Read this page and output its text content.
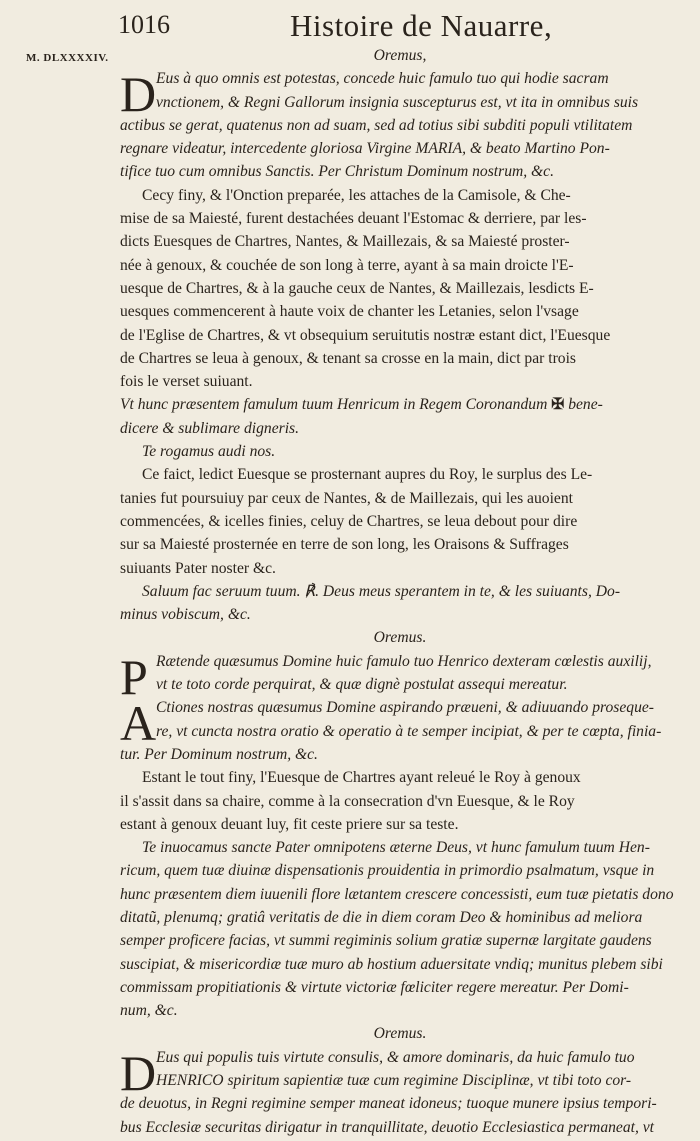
1016	Histoire de Nauarre,
M. DLXXXXIV.	Oremus,
D Eus à quo omnis est potestas, concede huic famulo tuo qui hodie sacram
vnctionem, & Regni Gallorum insignia suscepturus est, vt ita in omnibus suis
actibus se gerat, quatenus non ad suam, sed ad totius sibi subditi populi vtilitatem
regnare videatur, intercedente gloriosa Virgine MARIA, & beato Martino Pon-
tifice tuo cum omnibus Sanctis. Per Christum Dominum nostrum, &c.
Cecy finy, & l'Onction preparée, les attaches de la Camisole, & Che-
mise de sa Maiesté, furent destachées deuant l'Estomac & derriere, par les-
dicts Euesques de Chartres, Nantes, & Maillezais, & sa Maiesté proster-
née à genoux, & couchée de son long à terre, ayant à sa main droicte l'E-
uesque de Chartres, & à la gauche ceux de Nantes, & Maillezais, lesdicts E-
uesques commencerent à haute voix de chanter les Letanies, selon l'vsage
de l'Eglise de Chartres, & vt obsequium seruitutis nostræ estant dict, l'Euesque
de Chartres se leua à genoux, & tenant sa crosse en la main, dict par trois
fois le verset suiuant.
Vt hunc præsentem famulum tuum Henricum in Regem Coronandum ✠ bene-
dicere & sublimare digneris.
Te rogamus audi nos.
Ce faict, ledict Euesque se prosternant aupres du Roy, le surplus des Le-
tanies fut poursuiuy par ceux de Nantes, & de Maillezais, qui les auoient
commencées, & icelles finies, celuy de Chartres, se leua debout pour dire
sur sa Maiesté prosternée en terre de son long, les Oraisons & Suffrages
suiuants Pater noster &c.
Saluum fac seruum tuum. ℟. Deus meus sperantem in te, & les suiuants, Do-
minus vobiscum, &c.
Oremus.
P Rætende quæsumus Domine huic famulo tuo Henrico dexteram cœlestis auxilij,
vt te toto corde perquirat, & quæ dignè postulat assequi mereatur.
A Ctiones nostras quæsumus Domine aspirando præueni, & adiuuando proseque-
re, vt cuncta nostra oratio & operatio à te semper incipiat, & per te cœpta, finia-
tur. Per Dominum nostrum, &c.
Estant le tout finy, l'Euesque de Chartres ayant releué le Roy à genoux
il s'assit dans sa chaire, comme à la consecration d'vn Euesque, & le Roy
estant à genoux deuant luy, fit ceste priere sur sa teste.
Te inuocamus sancte Pater omnipotens æterne Deus, vt hunc famulum tuum Hen-
ricum, quem tuæ diuinæ dispensationis prouidentia in primordio psalmatum, vsque in
hunc præsentem diem iuuenili flore lætantem crescere concessisti, eum tuæ pietatis dono
ditatũ, plenumq; gratiâ veritatis de die in diem coram Deo & hominibus ad meliora
semper proficere facias, vt summi regiminis solium gratiæ supernæ largitate gaudens
suscipiat, & misericordiæ tuæ muro ab hostium aduersitate vndiq; munitus plebem sibi
commissam propitiationis & virtute victoriæ fœliciter regere mereatur. Per Domi-
num, &c.
Oremus.
D Eus qui populis tuis virtute consulis, & amore dominaris, da huic famulo tuo
HENRICO spiritum sapientiæ tuæ cum regimine Disciplinæ, vt tibi toto cor-
de deuotus, in Regni regimine semper maneat idoneus; tuoque munere ipsius tempori-
bus Ecclesiæ securitas dirigatur in tranquillitate, deuotio Ecclesiastica permaneat, vt
